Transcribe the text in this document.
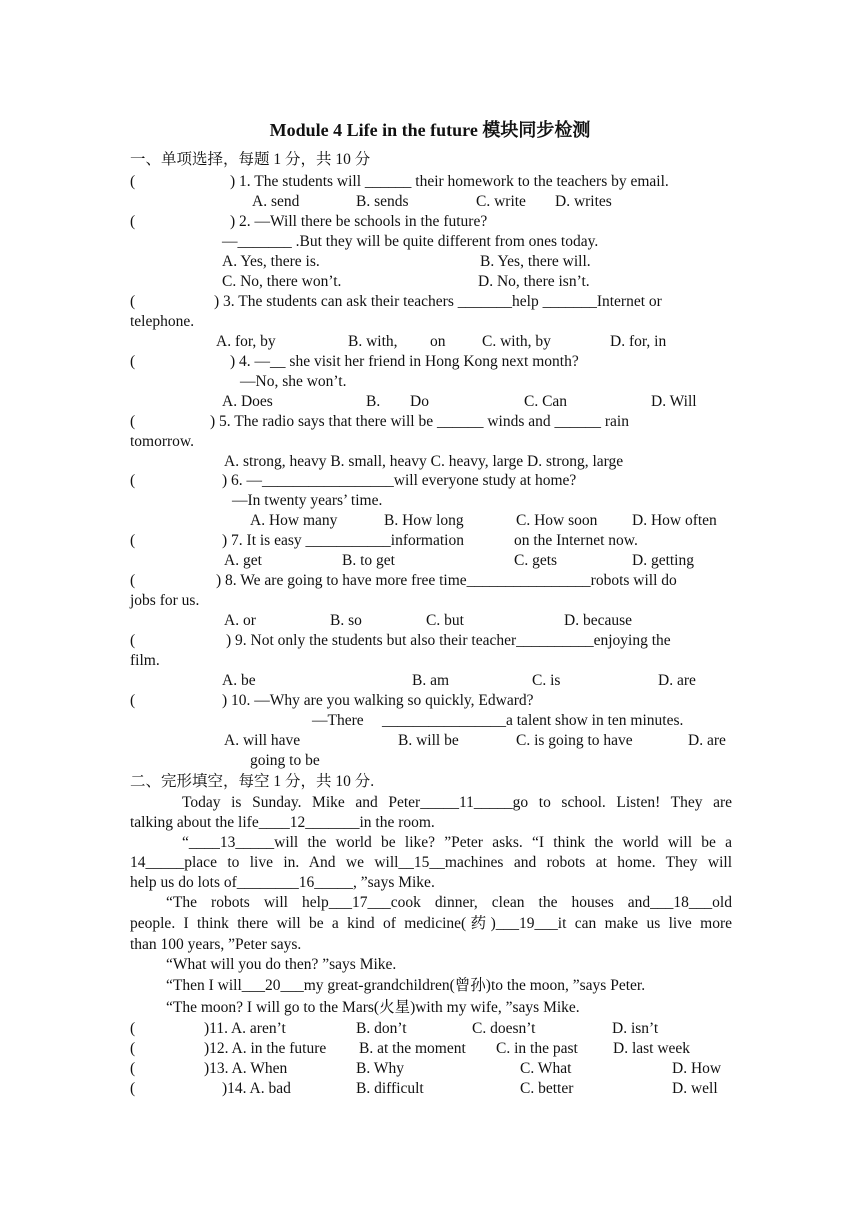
Module 4 Life in the future 模块同步检测
一、单项选择，每题 1 分，共 10 分
(	) 1. The students will ______ their homework to the teachers by email.
A. send	B. sends	C. write D. writes
(	) 2. —Will there be schools in the future?
—_______ .But they will be quite different from ones today.
A. Yes, there is.	B. Yes, there will.
C. No, there won’t.	D. No, there isn’t.
(	) 3. The students can ask their teachers _______help _______Internet or
telephone.
A. for, by	B. with, on C. with, by	D. for, in
(	) 4. —__ she visit her friend in Hong Kong next month?
—No, she won’t.
A. Does	B. Do	C. Can	D. Will
(	) 5. The radio says that there will be ______ winds and ______ rain
tomorrow.
A. strong, heavy B. small, heavy C. heavy, large D. strong, large
(	) 6. —_________________will everyone study at home?
—In twenty years’ time.
A. How many	B. How long	C. How soon D. How often
(	) 7. It is easy ___________information	on the Internet now.
A. get	B. to get	C. gets	D. getting
(	) 8. We are going to have more free time________________robots will do
jobs for us.
A. or	B. so	C. but	D. because
(	) 9. Not only the students but also their teacher__________enjoying the
film.
A. be	B. am	C. is	D. are
(	) 10. —Why are you walking so quickly, Edward?
—There ________________a talent show in ten minutes.
A. will have	B. will be	C. is going to have	D. are
going to be
二、完形填空，每空 1 分，共 10 分.
Today is Sunday. Mike and Peter_____11_____go to school. Listen! They are
talking about the life____12_______in the room.
“____13_____will the world be like? ”Peter asks. “I think the world will be a
14_____place to live in. And we will__15__machines and robots at home. They will
help us do lots of________16_____, ”says Mike.
“The robots will help___17___cook dinner, clean the houses and___18___old
people. I think there will be a kind of medicine(药)___19___it can make us live more
than 100 years, ”Peter says.
“What will you do then? ”says Mike.
“Then I will___20___my great-grandchildren(曾孙)to the moon, ”says Peter.
“The moon? I will go to the Mars(火星)with my wife, ”says Mike.
(	)11. A. aren’t	B. don’t	C. doesn’t	D. isn’t
(	)12. A. in the future B. at the moment C. in the past D. last week
(	)13. A. When	B. Why	C. What	D. How
(	)14. A. bad	B. difficult	C. better	D. well
